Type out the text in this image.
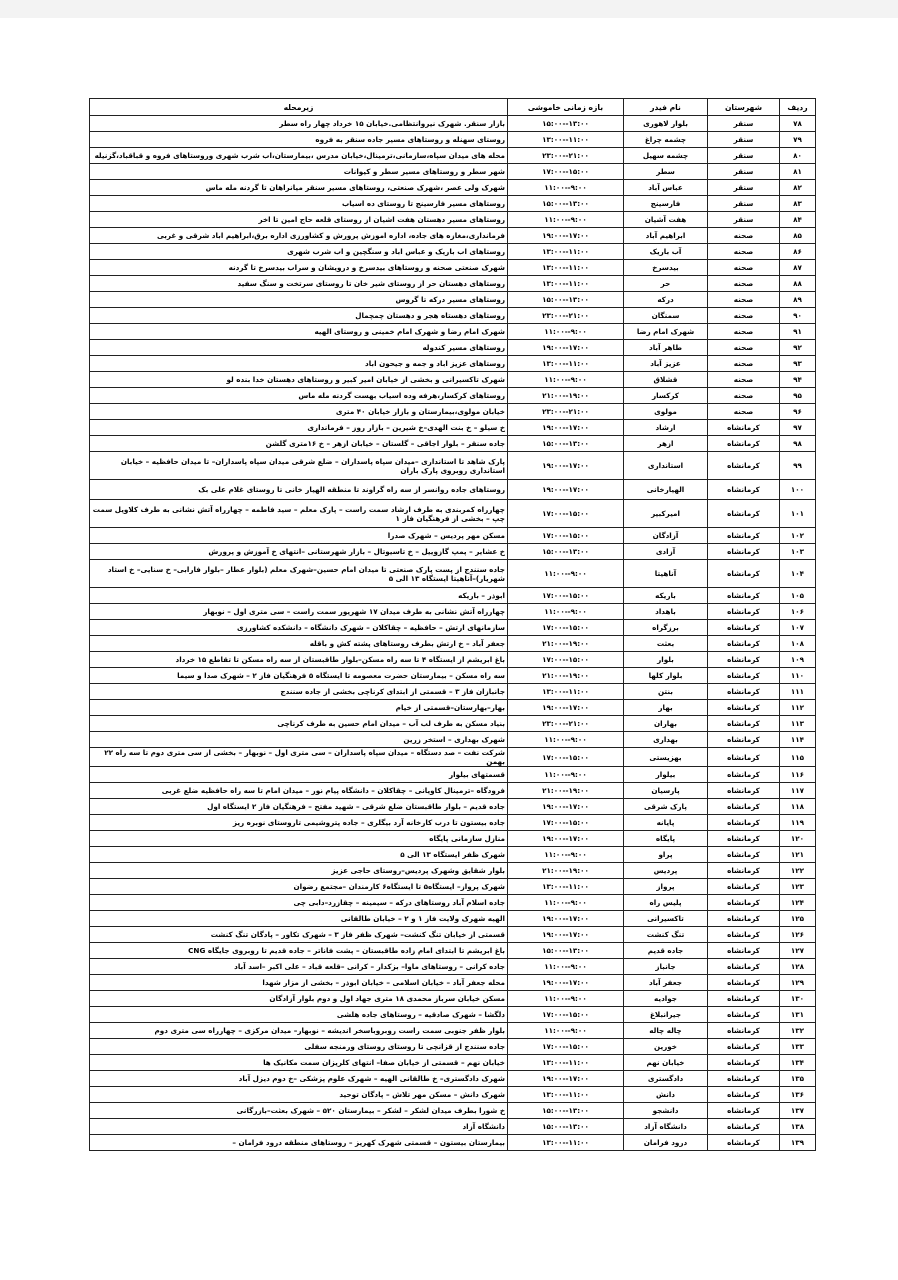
ردیف	شهرستان	نام فیدر	بازه زمانی خاموشی	زیرمحله
۷۸	سنقر	بلوار لاهوری	۱۵:۰۰--۱۳:۰۰	بازار سنقر. شهرک نیروانتظامی.خیابان ۱۵ خرداد چهار راه سطر
۷۹	سنقر	چشمه چراغ	۱۳:۰۰--۱۱:۰۰	روستای سهنله و روستاهای مسیر جاده سنقر به فروه
۸۰	سنقر	چشمه سهیل	۲۳:۰۰--۲۱:۰۰	محله های میدان سپاه،سازمانی،ترمینال،خیابان مدرس ،بیمارستان،اب شرب شهری وروستاهای فروه و قباقباد،گزنیله
۸۱	سنقر	سطر	۱۷:۰۰--۱۵:۰۰	شهر سطر و روستاهای مسیر سطر و کیوانات
۸۲	سنقر	عباس آباد	۱۱:۰۰--۹:۰۰	شهرک ولی عصر ،شهرک صنعتی، روستاهای مسیر سنقر میانراهان تا گردنه مله ماس
۸۳	سنقر	فارسینج	۱۵:۰۰--۱۳:۰۰	روستاهای مسیر فارسینج تا روستای ده اسیاب
۸۴	سنقر	هفت آشیان	۱۱:۰۰--۹:۰۰	روستاهای مسیر دهستان هفت اشیان از روستای قلعه حاج امین تا اخر
۸۵	صحنه	ابراهیم آباد	۱۹:۰۰--۱۷:۰۰	فرمانداری،مغازه های جاده، اداره اموزش پرورش و کشاورزی اداره برق،ابراهیم اباد شرقی و غربی
۸۶	صحنه	آب باریک	۱۳:۰۰--۱۱:۰۰	روستاهای اب باریک و عباس اباد و سنگچین و اب شرب شهری
۸۷	صحنه	بیدسرخ	۱۳:۰۰--۱۱:۰۰	شهرک صنعتی صحنه و روستاهای بیدسرخ و درویشان و سراب بیدسرخ تا گردنه
۸۸	صحنه	حر	۱۳:۰۰--۱۱:۰۰	روستاهای دهستان حر از روستای شیر خان تا روستای سرتخت و سنگ سفید
۸۹	صحنه	درکه	۱۵:۰۰--۱۳:۰۰	روستاهای مسیر درکه تا گروس
۹۰	صحنه	سمنگان	۲۳:۰۰--۲۱:۰۰	روستاهای دهستاه هجر و دهستان چمچمال
۹۱	صحنه	شهرک امام رضا	۱۱:۰۰--۹:۰۰	شهرک امام رضا و شهرک امام خمینی و روستای الهیه
۹۲	صحنه	طاهر آباد	۱۹:۰۰--۱۷:۰۰	روستاهای مسیر کندوله
۹۳	صحنه	عزیز آباد	۱۳:۰۰--۱۱:۰۰	روستاهای عزیز اباد و جمه و جیحون اباد
۹۴	صحنه	قشلاق	۱۱:۰۰--۹:۰۰	شهرک تاکسیرانی و بخشی از خیابان امیر کبیر و روستاهای دهستان خدا بنده لو
۹۵	صحنه	کرکسار	۲۱:۰۰--۱۹:۰۰	روستاهای کرکسار،هرفه وده اسیاب بهست گردنه مله ماس
۹۶	صحنه	مولوی	۲۳:۰۰--۲۱:۰۰	خیابان مولوی،بیمارستان و بازار خیابان ۴۰ متری
۹۷	کرمانشاه	ارشاد	۱۹:۰۰--۱۷:۰۰	خ سیلو – خ بنت الهدی–خ شیرین – بازار روز – فرمانداری
۹۸	کرمانشاه	ازهر	۱۵:۰۰--۱۳:۰۰	جاده سنقر – بلوار اجاقی – گلستان – خیابان ازهر – خ ۱۶متری گلشن
۹۹	کرمانشاه	استانداری	۱۹:۰۰--۱۷:۰۰	پارک شاهد تا استانداری –میدان سپاه پاسداران – ضلع شرقی میدان سپاه پاسداران– تا میدان حافظیه – خیابان استانداری روبروی پارک باران
۱۰۰	کرمانشاه	الهیارخانی	۱۹:۰۰--۱۷:۰۰	روستاهای جاده روانسر از سه راه گراوند تا منطقه الهیار خانی تا روستای غلام علی بک
۱۰۱	کرمانشاه	امیرکبیر	۱۷:۰۰--۱۵:۰۰	چهارراه کمربندی به طرف ارشاد سمت راست – پارک معلم – سید فاطمه – چهارراه آتش نشانی به طرف کلاویل سمت چپ – بخشی از فرهنگیان فاز ۱
۱۰۲	کرمانشاه	آزادگان	۱۷:۰۰--۱۵:۰۰	مسکن مهر پردیس – شهرک صدرا
۱۰۳	کرمانشاه	آزادی	۱۵:۰۰--۱۳:۰۰	خ عشایر – پمپ گازوییل – خ تاسیوتال – بازار شهرستانی –انتهای خ آموزش و پرورش
۱۰۴	کرمانشاه	آناهیتا	۱۱:۰۰--۹:۰۰	جاده سنندج از پست پارک صنعتی تا میدان امام حسین–شهرک معلم (بلوار عطار –بلوار فارابی– خ سنایی– خ استاد شهریار)–آناهیتا ایستگاه ۱۳ الی ۵
۱۰۵	کرمانشاه	باریکه	۱۷:۰۰--۱۵:۰۰	ابوذر – باریکه
۱۰۶	کرمانشاه	باهداد	۱۱:۰۰--۹:۰۰	چهارراه آتش نشانی به طرف میدان ۱۷ شهریور سمت راست – سی متری اول – نوبهار
۱۰۷	کرمانشاه	برزگراه	۱۷:۰۰--۱۵:۰۰	سازمانهای ارتش – حافظیه – چقاکلان – شهرک دانشگاه – دانشکده کشاورزی
۱۰۸	کرمانشاه	بعثت	۲۱:۰۰--۱۹:۰۰	جعفر آباد – خ ارتش بطرف روستاهای پشته کش و باقله
۱۰۹	کرمانشاه	بلوار	۱۷:۰۰--۱۵:۰۰	باغ ابریشم از ایستگاه ۴ تا سه راه مسکن–بلوار طاقبستان از سه راه مسکن تا تقاطع ۱۵ خرداد
۱۱۰	کرمانشاه	بلوار کلها	۲۱:۰۰--۱۹:۰۰	سه راه مسکن – بیمارستان حضرت معصومه تا ایستگاه ۵ فرهنگیان فاز ۲ – شهرک صدا و سیما
۱۱۱	کرمانشاه	بنتن	۱۳:۰۰--۱۱:۰۰	جانبازان فاز ۳ – قسمتی از ابتدای کرناچی بخشی از جاده سنندج
۱۱۲	کرمانشاه	بهار	۱۹:۰۰--۱۷:۰۰	بهار–بهارستان–قسمتی از خیام
۱۱۳	کرمانشاه	بهاران	۲۳:۰۰--۲۱:۰۰	بنیاد مسکن به طرف لب آب – میدان امام حسین به طرف کرناچی
۱۱۴	کرمانشاه	بهداری	۱۱:۰۰--۹:۰۰	شهرک بهداری – استخر زرین
۱۱۵	کرمانشاه	بهزیستی	۱۷:۰۰--۱۵:۰۰	شرکت نفت – صد دستگاه – میدان سپاه پاسداران – سی متری اول – نوبهار – بخشی از سی متری دوم تا سه راه ۲۲ بهمن
۱۱۶	کرمانشاه	بیلوار	۱۱:۰۰--۹:۰۰	قسمتهای بیلوار
۱۱۷	کرمانشاه	پارسیان	۲۱:۰۰--۱۹:۰۰	فرودگاه –ترمینال کاویانی – چقاکلان – دانشگاه پیام نور – میدان امام تا سه راه حافظیه ضلع غربی
۱۱۸	کرمانشاه	پارک شرقی	۱۹:۰۰--۱۷:۰۰	جاده قدیم – بلوار طاقبستان ضلع شرقی – شهید مفتح – فرهنگیان فاز ۲ ایستگاه اول
۱۱۹	کرمانشاه	پایانه	۱۷:۰۰--۱۵:۰۰	جاده بیستون تا درب کارخانه آرد بیگلری – جاده پتروشیمی تاروستای نوبره ریز
۱۲۰	کرمانشاه	پایگاه	۱۹:۰۰--۱۷:۰۰	منازل سازمانی پایگاه
۱۲۱	کرمانشاه	پراو	۱۱:۰۰--۹:۰۰	شهرک ظفر ایستگاه ۱۳ الی ۵
۱۲۲	کرمانشاه	پردیس	۲۱:۰۰--۱۹:۰۰	بلوار شقایق وشهرک پردیس–روستای حاجی عزیز
۱۲۳	کرمانشاه	پرواز	۱۳:۰۰--۱۱:۰۰	شهرک پرواز– ایستگاه۵ تا ایستگاه۶ کارمندان –مجتمع رضوان
۱۲۴	کرمانشاه	پلیس راه	۱۱:۰۰--۹:۰۰	جاده اسلام آباد روستاهای درکه – سیمینه – چقازرد–دابی چی
۱۲۵	کرمانشاه	تاکسیرانی	۱۹:۰۰--۱۷:۰۰	الهیه شهرک ولایت فاز ۱ و ۲ – خیابان طالقانی
۱۲۶	کرمانشاه	تنگ کنشت	۱۹:۰۰--۱۷:۰۰	قسمتی از خیابان تنگ کنشت– شهرک ظفر فاز ۳ – شهرک تکاور – پادگان تنگ کنشت
۱۲۷	کرمانشاه	جاده قدیم	۱۵:۰۰--۱۳:۰۰	باغ ابریشم تا ابتدای امام زاده طاقبستان – پشت فاناتر – جاده قدیم تا روبروی جایگاه CNG
۱۲۸	کرمانشاه	جانباز	۱۱:۰۰--۹:۰۰	جاده کرانی – روستاهای ماوا– بزکدار – کرانی –قلعه قباد – علی اکبر –اسد آباد
۱۲۹	کرمانشاه	جعفر آباد	۱۹:۰۰--۱۷:۰۰	محله جعفر آباد – خیابان اسلامی – خیابان ابوذر – بخشی از مزار شهدا
۱۳۰	کرمانشاه	جوادیه	۱۱:۰۰--۹:۰۰	مسکن خیابان سرباز محمدی ۱۸ متری جهاد اول و دوم بلوار آزادگان
۱۳۱	کرمانشاه	جیرانبلاغ	۱۷:۰۰--۱۵:۰۰	دلگشا – شهرک صادقیه – روستاهای جاده هلشی
۱۳۲	کرمانشاه	چاله چاله	۱۱:۰۰--۹:۰۰	بلوار ظفر جنوبی سمت راست روبروباسخر اندیشه – نوبهار– میدان مرکزی – چهارراه سی متری دوم
۱۳۳	کرمانشاه	خورین	۱۷:۰۰--۱۵:۰۰	جاده سنندج از قزانچی تا روستای روستای ورمنجه سفلی
۱۳۴	کرمانشاه	خیابان نهم	۱۳:۰۰--۱۱:۰۰	خیابان نهم – قسمتی از خیابان صفا– انتهای کلریزان سمت مکانیک ها
۱۳۵	کرمانشاه	دادگستری	۱۹:۰۰--۱۷:۰۰	شهرک دادگستری– خ طالقانی الهیه – شهرک علوم پزشکی –خ دوم دیزل آباد
۱۳۶	کرمانشاه	دانش	۱۳:۰۰--۱۱:۰۰	شهرک دانش – مسکن مهر تلاش – پادگان توحید
۱۳۷	کرمانشاه	دانشجو	۱۵:۰۰--۱۳:۰۰	خ شورا بطرف میدان لشکر – لشکر – بیمارستان ۵۲۰ – شهرک بعثت–بازرگانی
۱۳۸	کرمانشاه	دانشگاه آزاد	۱۵:۰۰--۱۳:۰۰	دانشگاه آزاد
۱۳۹	کرمانشاه	درود فرامان	۱۳:۰۰--۱۱:۰۰	بیمارستان بیستون – قسمتی شهرک کهریز – روستاهای منطقه درود فرامان –
